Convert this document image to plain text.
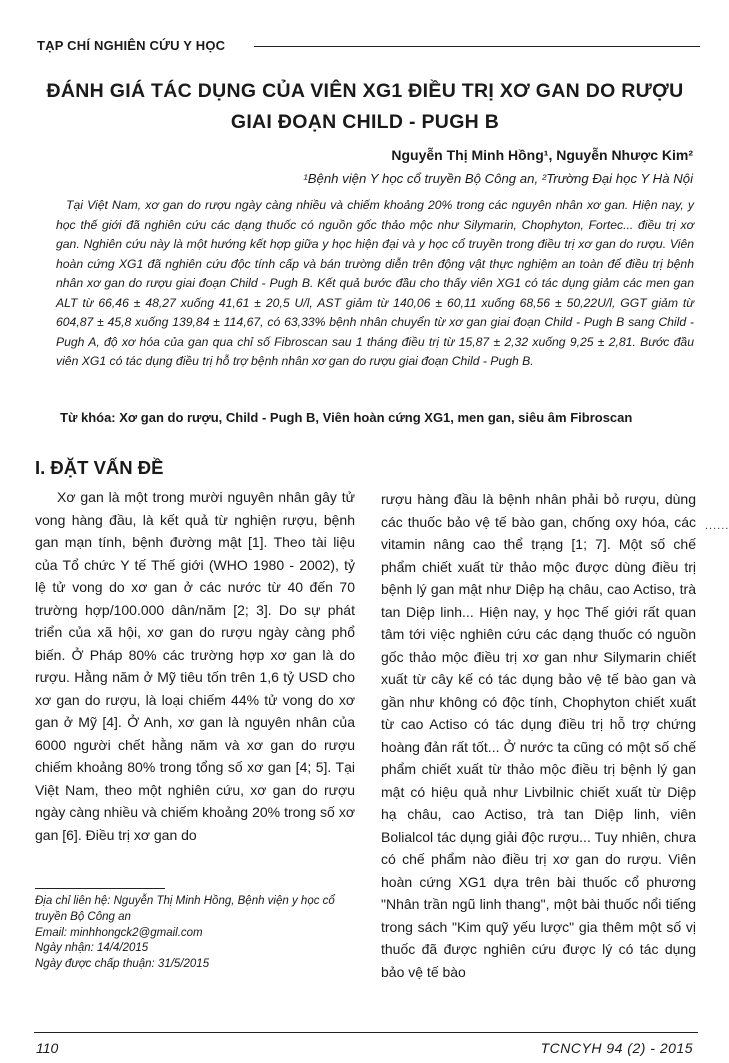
TẠP CHÍ NGHIÊN CỨU Y HỌC
ĐÁNH GIÁ TÁC DỤNG CỦA VIÊN XG1 ĐIỀU TRỊ XƠ GAN DO RƯỢU GIAI ĐOẠN CHILD - PUGH B
Nguyễn Thị Minh Hồng¹, Nguyễn Nhược Kim²
¹Bệnh viện Y học cổ truyền Bộ Công an, ²Trường Đại học Y Hà Nội
Tại Việt Nam, xơ gan do rượu ngày càng nhiều và chiếm khoảng 20% trong các nguyên nhân xơ gan. Hiện nay, y học thế giới đã nghiên cứu các dạng thuốc có nguồn gốc thảo mộc như Silymarin, Chophyton, Fortec... điều trị xơ gan. Nghiên cứu này là một hướng kết hợp giữa y học hiện đại và y học cổ truyền trong điều trị xơ gan do rượu. Viên hoàn cứng XG1 đã nghiên cứu độc tính cấp và bán trường diễn trên động vật thực nghiệm an toàn để điều trị bệnh nhân xơ gan do rượu giai đoạn Child - Pugh B. Kết quả bước đầu cho thấy viên XG1 có tác dụng giảm các men gan ALT từ 66,46 ± 48,27 xuống 41,61 ± 20,5 U/l, AST giảm từ 140,06 ± 60,11 xuống 68,56 ± 50,22U/l, GGT giảm từ 604,87 ± 45,8 xuống 139,84 ± 114,67, có 63,33% bệnh nhân chuyển từ xơ gan giai đoạn Child - Pugh B sang Child - Pugh A, độ xơ hóa của gan qua chỉ số Fibroscan sau 1 tháng điều trị từ 15,87 ± 2,32 xuống 9,25 ± 2,81. Bước đầu viên XG1 có tác dụng điều trị hỗ trợ bệnh nhân xơ gan do rượu giai đoạn Child - Pugh B.
Từ khóa: Xơ gan do rượu, Child - Pugh B, Viên hoàn cứng XG1, men gan, siêu âm Fibroscan
I. ĐẶT VẤN ĐỀ
Xơ gan là một trong mười nguyên nhân gây tử vong hàng đầu, là kết quả từ nghiện rượu, bệnh gan mạn tính, bệnh đường mật [1]. Theo tài liệu của Tổ chức Y tế Thế giới (WHO 1980 - 2002), tỷ lệ tử vong do xơ gan ở các nước từ 40 đến 70 trường hợp/100.000 dân/năm [2; 3]. Do sự phát triển của xã hội, xơ gan do rượu ngày càng phổ biến. Ở Pháp 80% các trường hợp xơ gan là do rượu. Hằng năm ở Mỹ tiêu tốn trên 1,6 tỷ USD cho xơ gan do rượu, là loại chiếm 44% tử vong do xơ gan ở Mỹ [4]. Ở Anh, xơ gan là nguyên nhân của 6000 người chết hằng năm và xơ gan do rượu chiếm khoảng 80% trong tổng số xơ gan [4; 5]. Tại Việt Nam, theo một nghiên cứu, xơ gan do rượu ngày càng nhiều và chiếm khoảng 20% trong số xơ gan [6]. Điều trị xơ gan do
rượu hàng đầu là bệnh nhân phải bỏ rượu, dùng các thuốc bảo vệ tế bào gan, chống oxy hóa, các vitamin nâng cao thể trạng [1; 7]. Một số chế phẩm chiết xuất từ thảo mộc được dùng điều trị bệnh lý gan mật như Diệp hạ châu, cao Actiso, trà tan Diệp linh... Hiện nay, y học Thế giới rất quan tâm tới việc nghiên cứu các dạng thuốc có nguồn gốc thảo mộc điều trị xơ gan như Silymarin chiết xuất từ cây kế có tác dụng bảo vệ tế bào gan và gần như không có độc tính, Chophyton chiết xuất từ cao Actiso có tác dụng điều trị hỗ trợ chứng hoàng đản rất tốt... Ở nước ta cũng có một số chế phẩm chiết xuất từ thảo mộc điều trị bệnh lý gan mật có hiệu quả như Livbilnic chiết xuất từ Diệp hạ châu, cao Actiso, trà tan Diệp linh, viên Bolialcol tác dụng giải độc rượu... Tuy nhiên, chưa có chế phẩm nào điều trị xơ gan do rượu. Viên hoàn cứng XG1 dựa trên bài thuốc cổ phương "Nhân trần ngũ linh thang", một bài thuốc nổi tiếng trong sách "Kim quỹ yếu lược" gia thêm một số vị thuốc đã được nghiên cứu được lý có tác dụng bảo vệ tế bào
......
Địa chỉ liên hệ: Nguyễn Thị Minh Hồng, Bệnh viện y học cổ truyền Bộ Công an
Email: minhhongck2@gmail.com
Ngày nhận: 14/4/2015
Ngày được chấp thuận: 31/5/2015
110	TCNCYH 94 (2) - 2015
